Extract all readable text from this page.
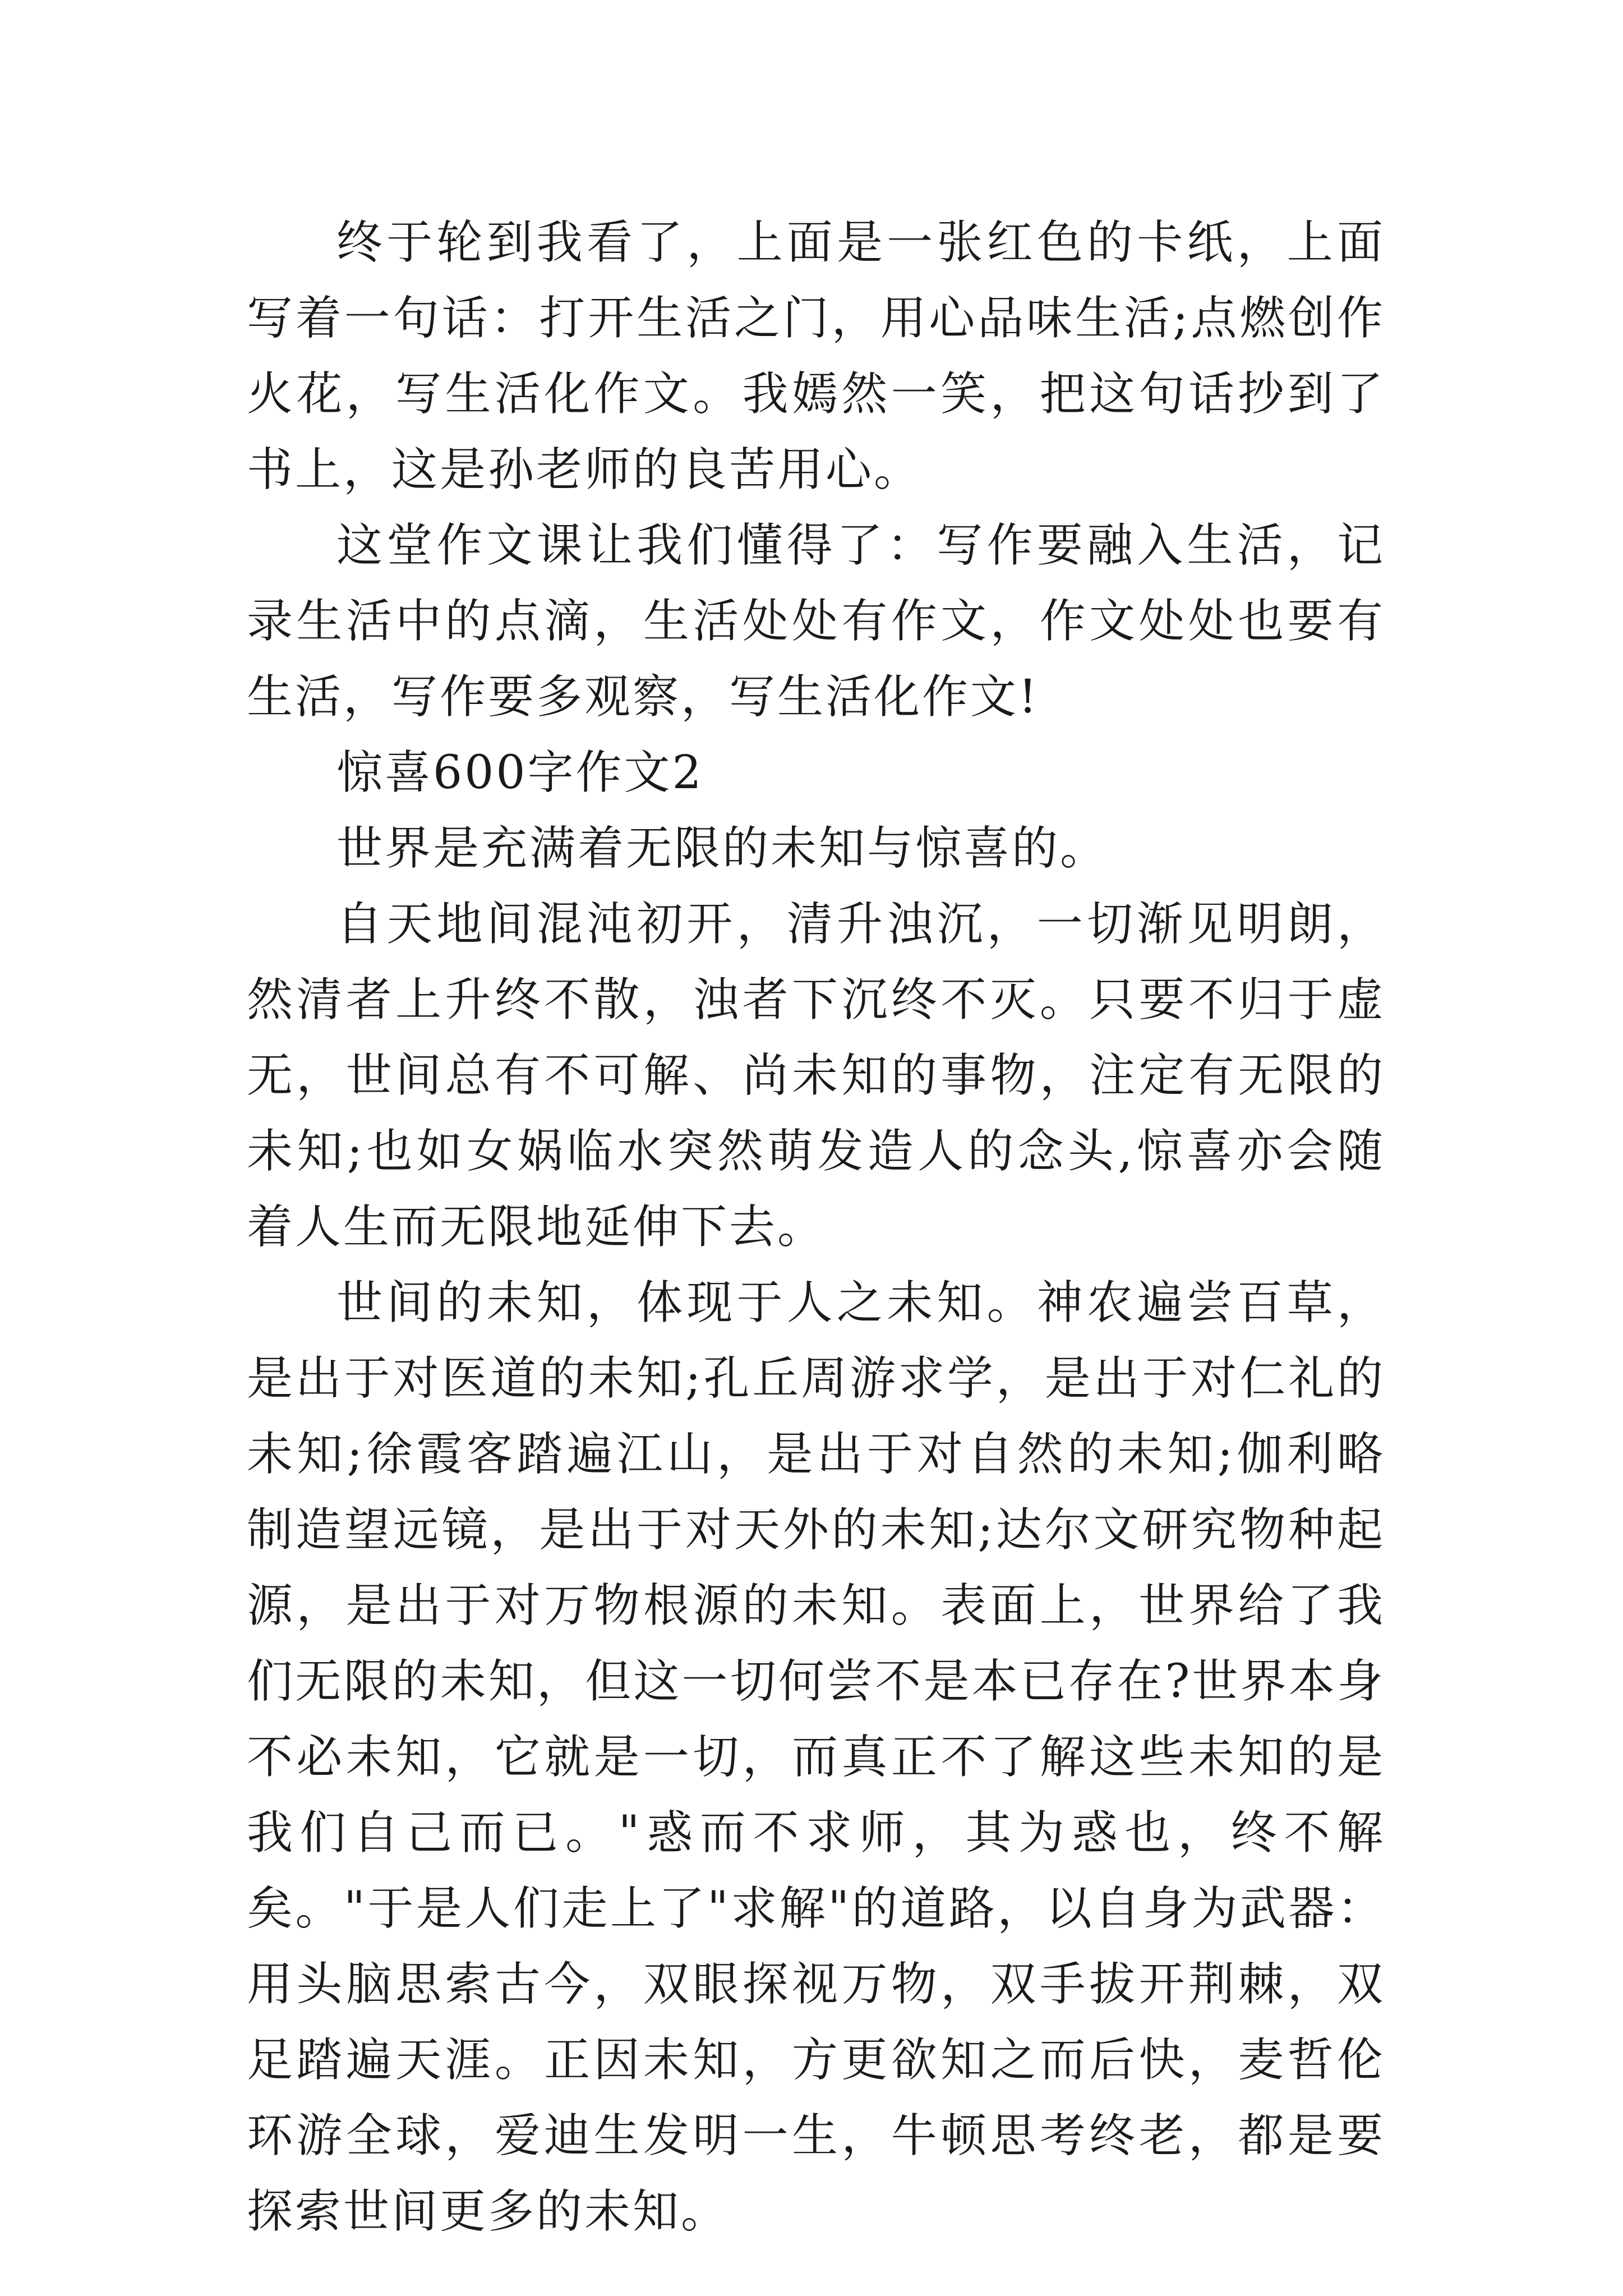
终于轮到我看了，上面是一张红色的卡纸，上面写着一句话：打开生活之门，用心品味生活;点燃创作火花，写生活化作文。我嫣然一笑，把这句话抄到了书上，这是孙老师的良苦用心。

这堂作文课让我们懂得了：写作要融入生活，记录生活中的点滴，生活处处有作文，作文处处也要有生活，写作要多观察，写生活化作文!

惊喜600字作文2

世界是充满着无限的未知与惊喜的。

自天地间混沌初开，清升浊沉，一切渐见明朗，然清者上升终不散，浊者下沉终不灭。只要不归于虚无，世间总有不可解、尚未知的事物，注定有无限的未知;也如女娲临水突然萌发造人的念头,惊喜亦会随着人生而无限地延伸下去。

世间的未知，体现于人之未知。神农遍尝百草，是出于对医道的未知;孔丘周游求学，是出于对仁礼的未知;徐霞客踏遍江山，是出于对自然的未知;伽利略制造望远镜，是出于对天外的未知;达尔文研究物种起源，是出于对万物根源的未知。表面上，世界给了我们无限的未知，但这一切何尝不是本已存在?世界本身不必未知，它就是一切，而真正不了解这些未知的是我们自己而已。"惑而不求师，其为惑也，终不解矣。"于是人们走上了"求解"的道路，以自身为武器：用头脑思索古今，双眼探视万物，双手拔开荆棘，双足踏遍天涯。正因未知，方更欲知之而后快，麦哲伦环游全球，爱迪生发明一生，牛顿思考终老，都是要探索世间更多的未知。
